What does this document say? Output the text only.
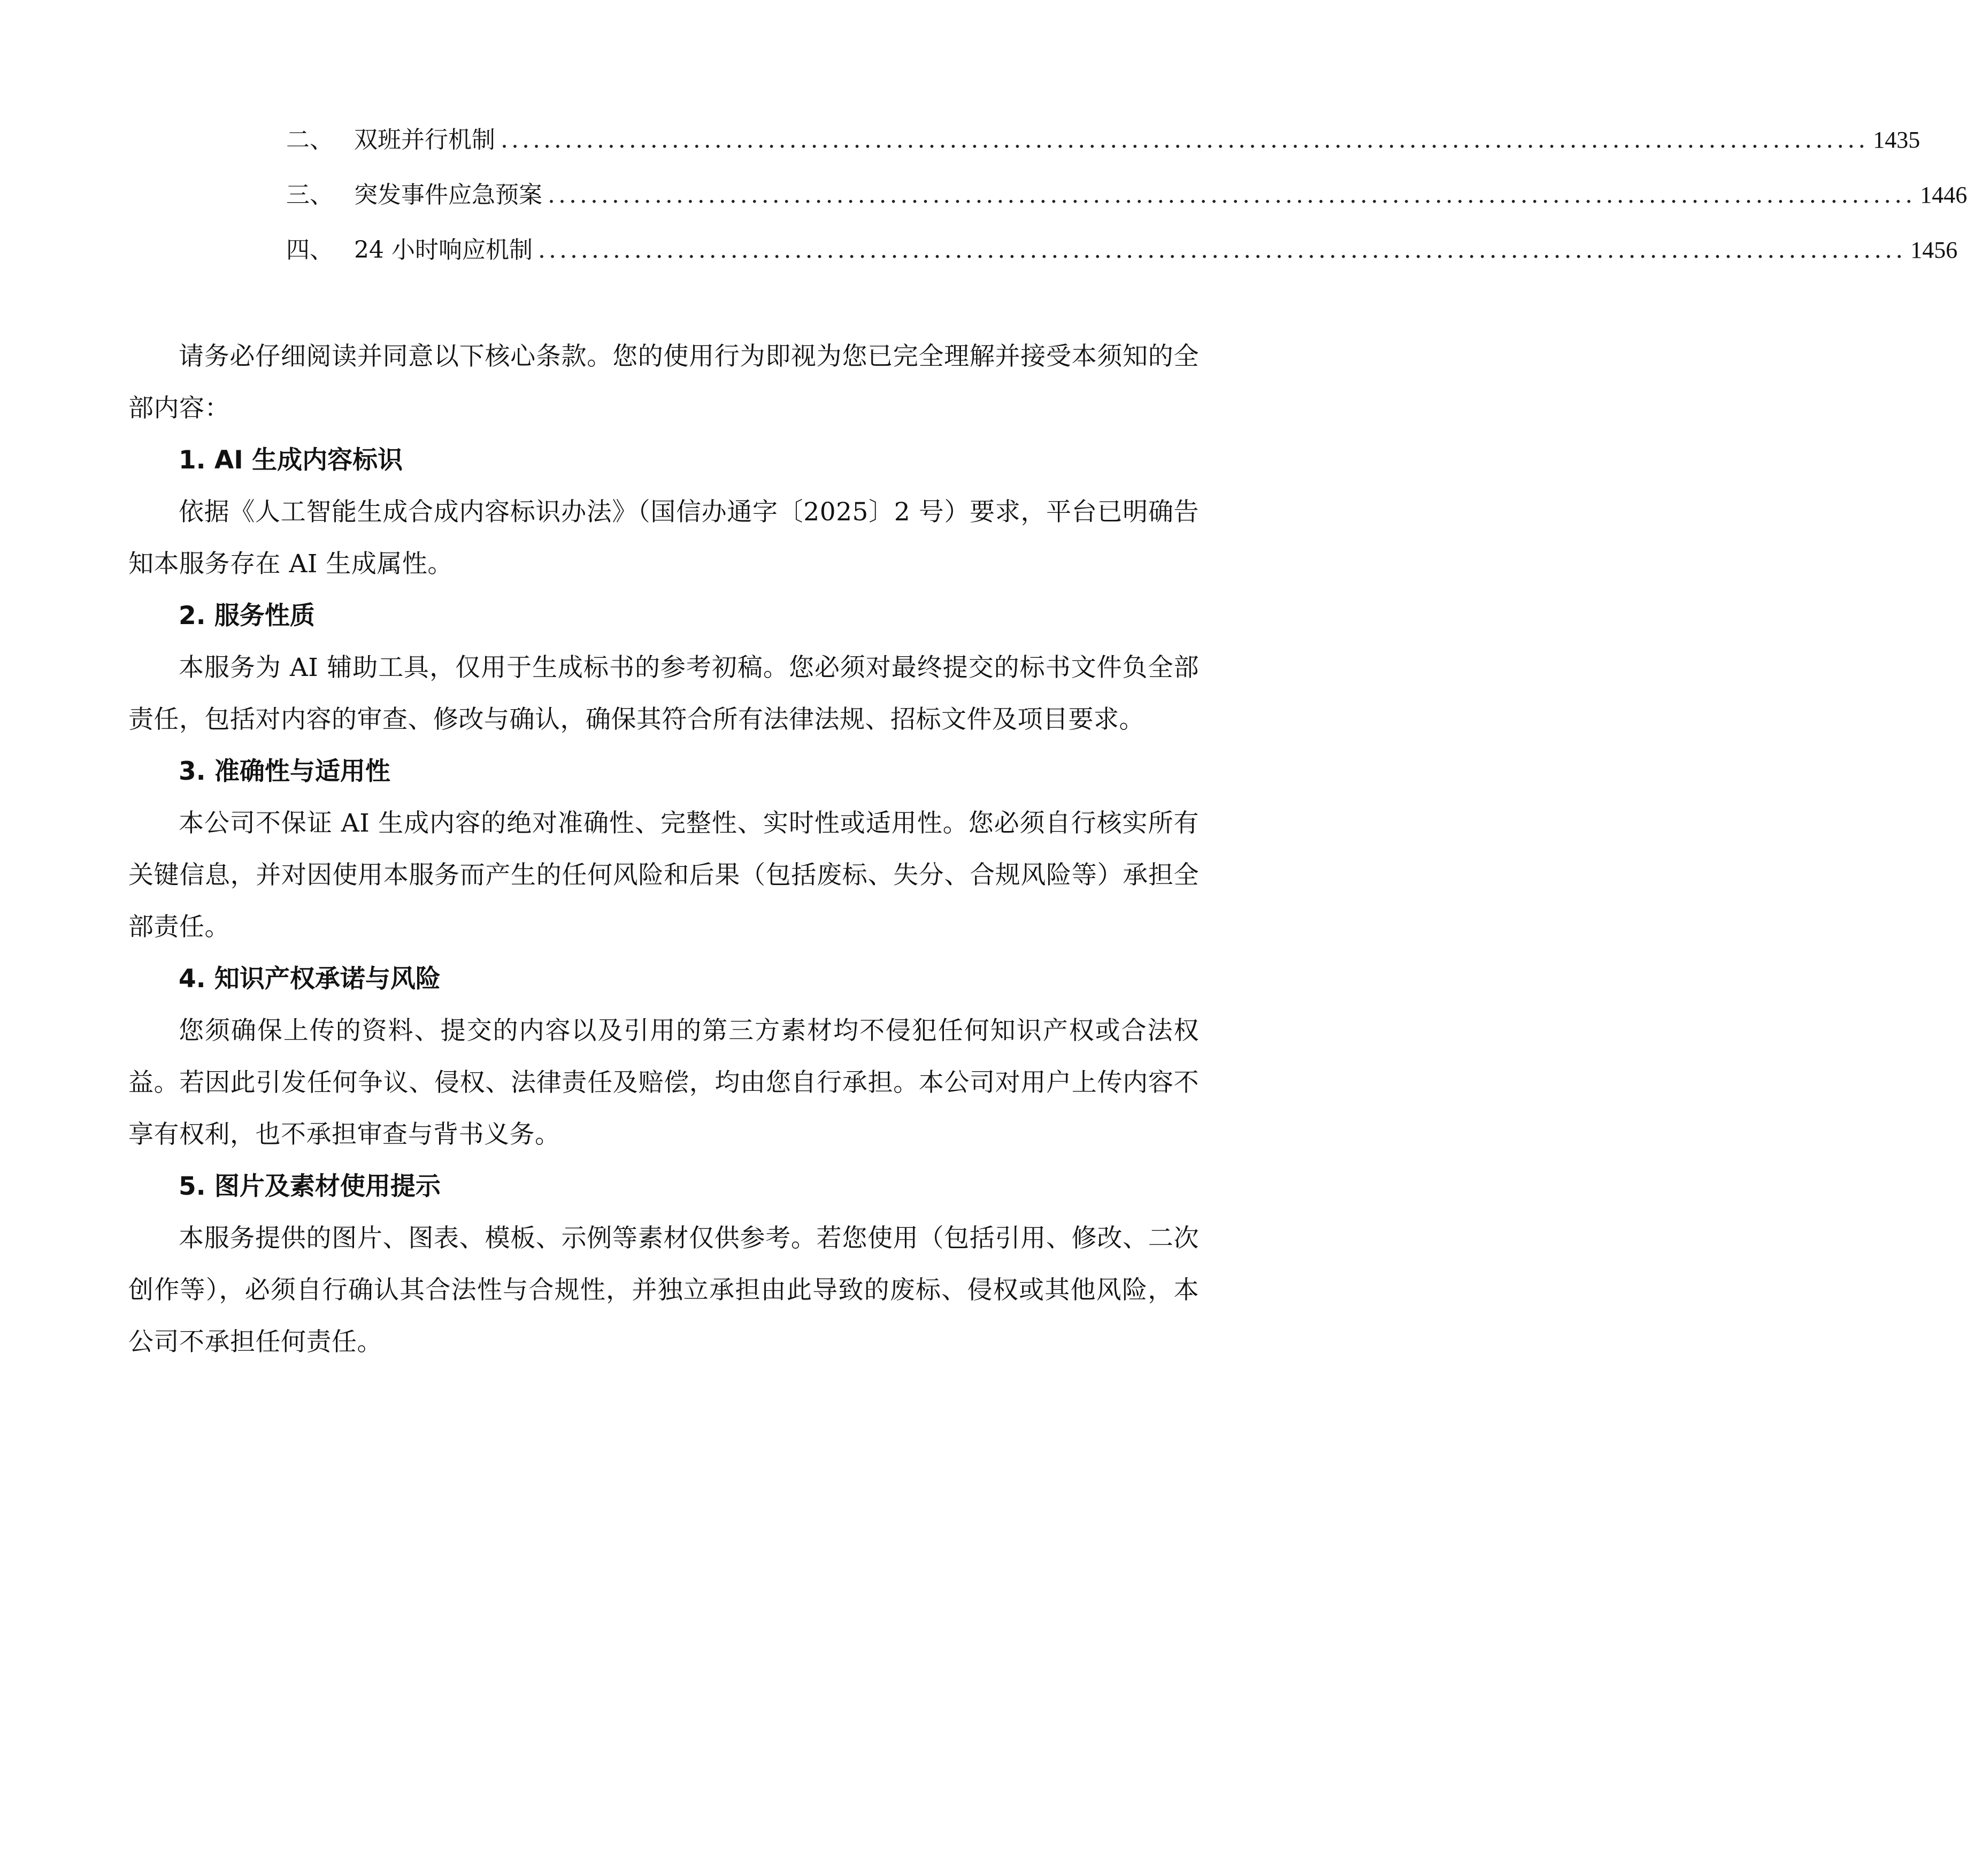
二、 双班并行机制 ................................................................................................................................ 1435
三、 突发事件应急预案 ................................................................................................................................ 1446
四、 24 小时响应机制 ................................................................................................................................ 1456

请务必仔细阅读并同意以下核心条款。您的使用行为即视为您已完全理解并接受本须知的全部内容：

1. AI 生成内容标识

依据《人工智能生成合成内容标识办法》（国信办通字〔2025〕2 号）要求，平台已明确告知本服务存在 AI 生成属性。

2. 服务性质

本服务为 AI 辅助工具，仅用于生成标书的参考初稿。您必须对最终提交的标书文件负全部责任，包括对内容的审查、修改与确认，确保其符合所有法律法规、招标文件及项目要求。

3. 准确性与适用性

本公司不保证 AI 生成内容的绝对准确性、完整性、实时性或适用性。您必须自行核实所有关键信息，并对因使用本服务而产生的任何风险和后果（包括废标、失分、合规风险等）承担全部责任。

4. 知识产权承诺与风险

您须确保上传的资料、提交的内容以及引用的第三方素材均不侵犯任何知识产权或合法权益。若因此引发任何争议、侵权、法律责任及赔偿，均由您自行承担。本公司对用户上传内容不享有权利，也不承担审查与背书义务。

5. 图片及素材使用提示

本服务提供的图片、图表、模板、示例等素材仅供参考。若您使用（包括引用、修改、二次创作等），必须自行确认其合法性与合规性，并独立承担由此导致的废标、侵权或其他风险，本公司不承担任何责任。
